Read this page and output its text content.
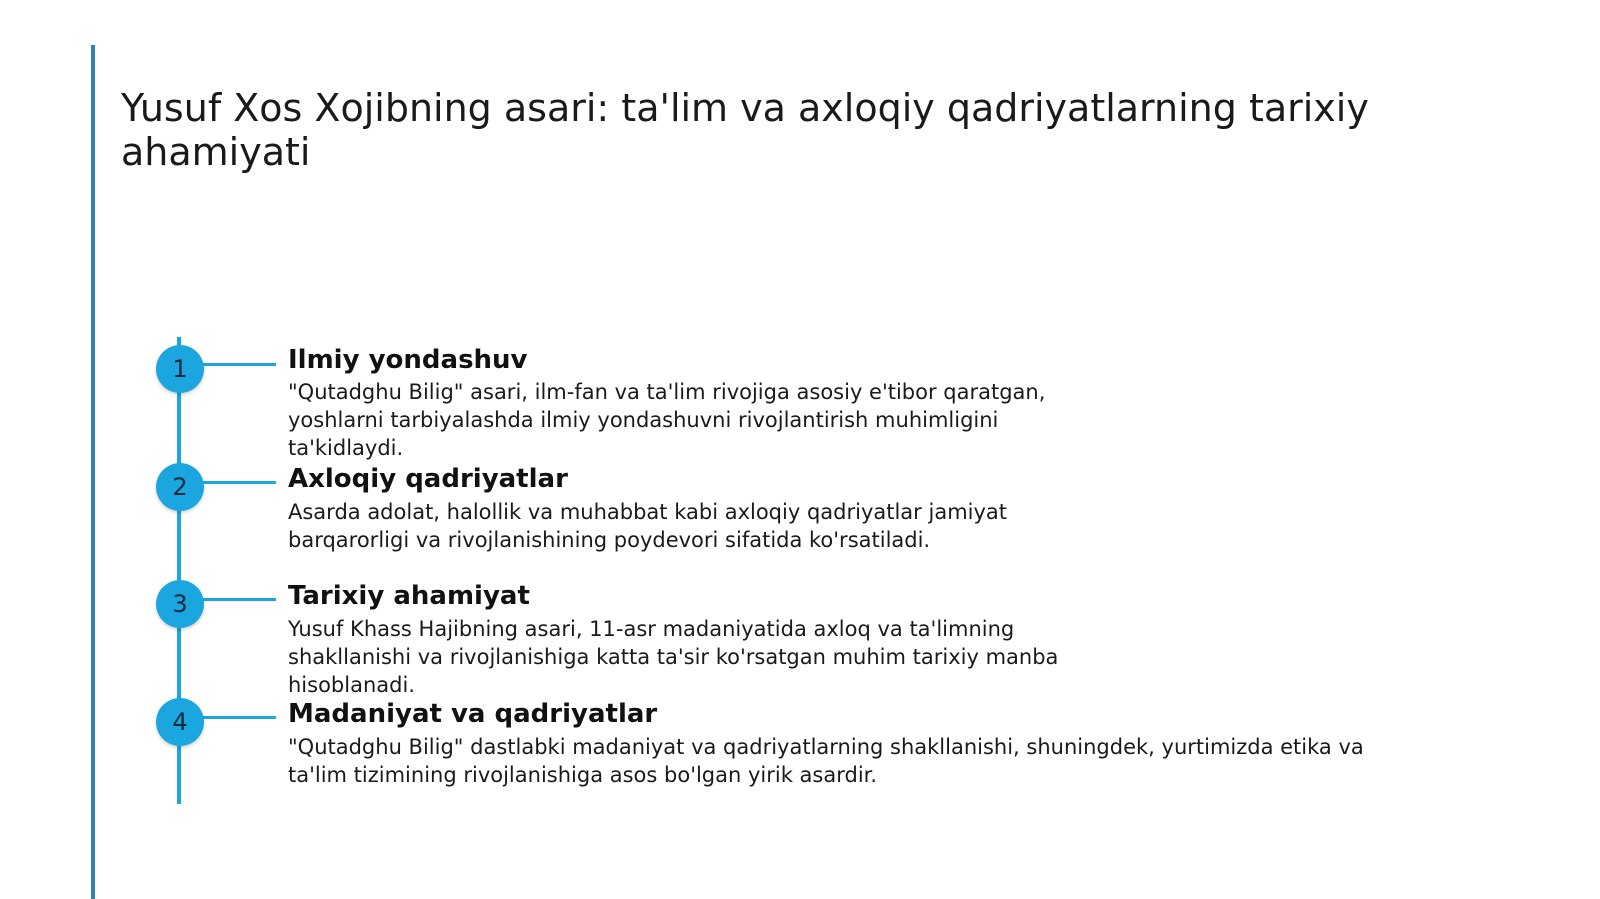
Yusuf Xos Xojibning asari: ta'lim va axloqiy qadriyatlarning tarixiy ahamiyati
1	Ilmiy yondashuv

"Qutadghu Bilig" asari, ilm-fan va ta'lim rivojiga asosiy e'tibor qaratgan, yoshlarni tarbiyalashda ilmiy yondashuvni rivojlantirish muhimligini ta'kidlaydi.

2	Axloqiy qadriyatlar

Asarda adolat, halollik va muhabbat kabi axloqiy qadriyatlar jamiyat barqarorligi va rivojlanishining poydevori sifatida ko'rsatiladi.

3	Tarixiy ahamiyat

Yusuf Khass Hajibning asari, 11-asr madaniyatida axloq va ta'limning shakllanishi va rivojlanishiga katta ta'sir ko'rsatgan muhim tarixiy manba hisoblanadi.

4	Madaniyat va qadriyatlar

"Qutadghu Bilig" dastlabki madaniyat va qadriyatlarning shakllanishi, shuningdek, yurtimizda etika va ta'lim tizimining rivojlanishiga asos bo'lgan yirik asardir.
